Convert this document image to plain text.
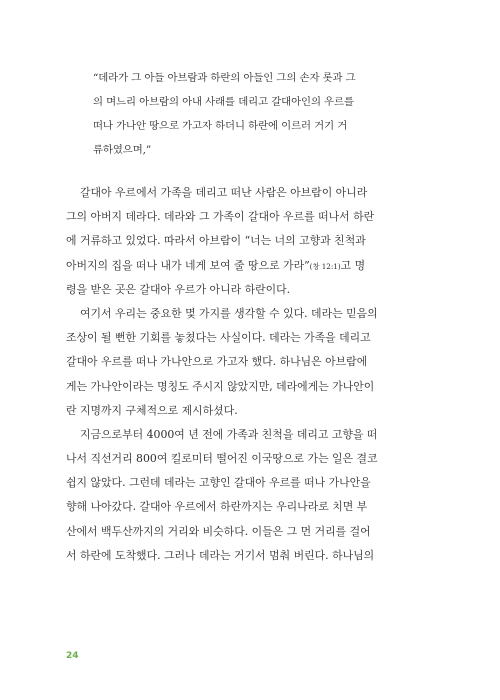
“데라가 그 아들 아브람과 하란의 아들인 그의 손자 롯과 그
의 며느리 아브람의 아내 사래를 데리고 갈대아인의 우르를
떠나 가나안 땅으로 가고자 하더니 하란에 이르러 거기 거
류하였으며,”
갈대아 우르에서 가족을 데리고 떠난 사람은 아브람이 아니라
그의 아버지 데라다. 데라와 그 가족이 갈대아 우르를 떠나서 하란
에 거류하고 있었다. 따라서 아브람이 “너는 너의 고향과 친척과
아버지의 집을 떠나 내가 네게 보여 줄 땅으로 가라”(창 12:1)고 명
령을 받은 곳은 갈대아 우르가 아니라 하란이다.
여기서 우리는 중요한 몇 가지를 생각할 수 있다. 데라는 믿음의
조상이 될 뻔한 기회를 놓쳤다는 사실이다. 데라는 가족을 데리고
갈대아 우르를 떠나 가나안으로 가고자 했다. 하나님은 아브람에
게는 가나안이라는 명칭도 주시지 않았지만, 데라에게는 가나안이
란 지명까지 구체적으로 제시하셨다.
지금으로부터 4000여 년 전에 가족과 친척을 데리고 고향을 떠
나서 직선거리 800여 킬로미터 떨어진 이국땅으로 가는 일은 결코
쉽지 않았다. 그런데 데라는 고향인 갈대아 우르를 떠나 가나안을
향해 나아갔다. 갈대아 우르에서 하란까지는 우리나라로 치면 부
산에서 백두산까지의 거리와 비슷하다. 이들은 그 먼 거리를 걸어
서 하란에 도착했다. 그러나 데라는 거기서 멈춰 버린다. 하나님의
24
